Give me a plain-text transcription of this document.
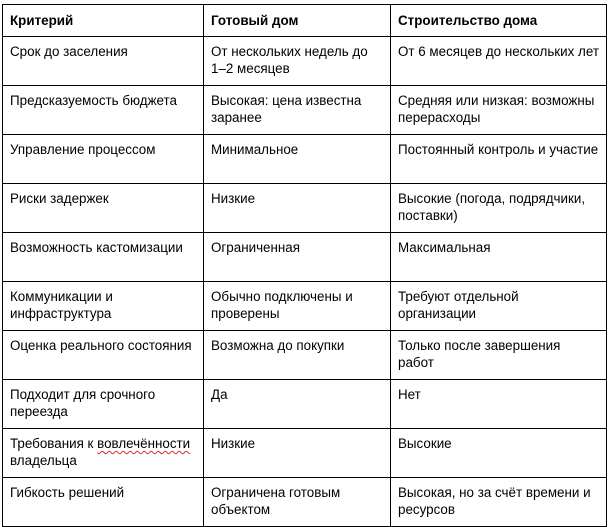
Критерий	Готовый дом	Строительство дома
Срок до заселения	От нескольких недель до 1–2 месяцев	От 6 месяцев до нескольких лет
Предсказуемость бюджета	Высокая: цена известна заранее	Средняя или низкая: возможны перерасходы
Управление процессом	Минимальное	Постоянный контроль и участие
Риски задержек	Низкие	Высокие (погода, подрядчики, поставки)
Возможность кастомизации	Ограниченная	Максимальная
Коммуникации и инфраструктура	Обычно подключены и проверены	Требуют отдельной организации
Оценка реального состояния	Возможна до покупки	Только после завершения работ
Подходит для срочного переезда	Да	Нет
Требования к вовлечённости владельца	Низкие	Высокие
Гибкость решений	Ограничена готовым объектом	Высокая, но за счёт времени и ресурсов
